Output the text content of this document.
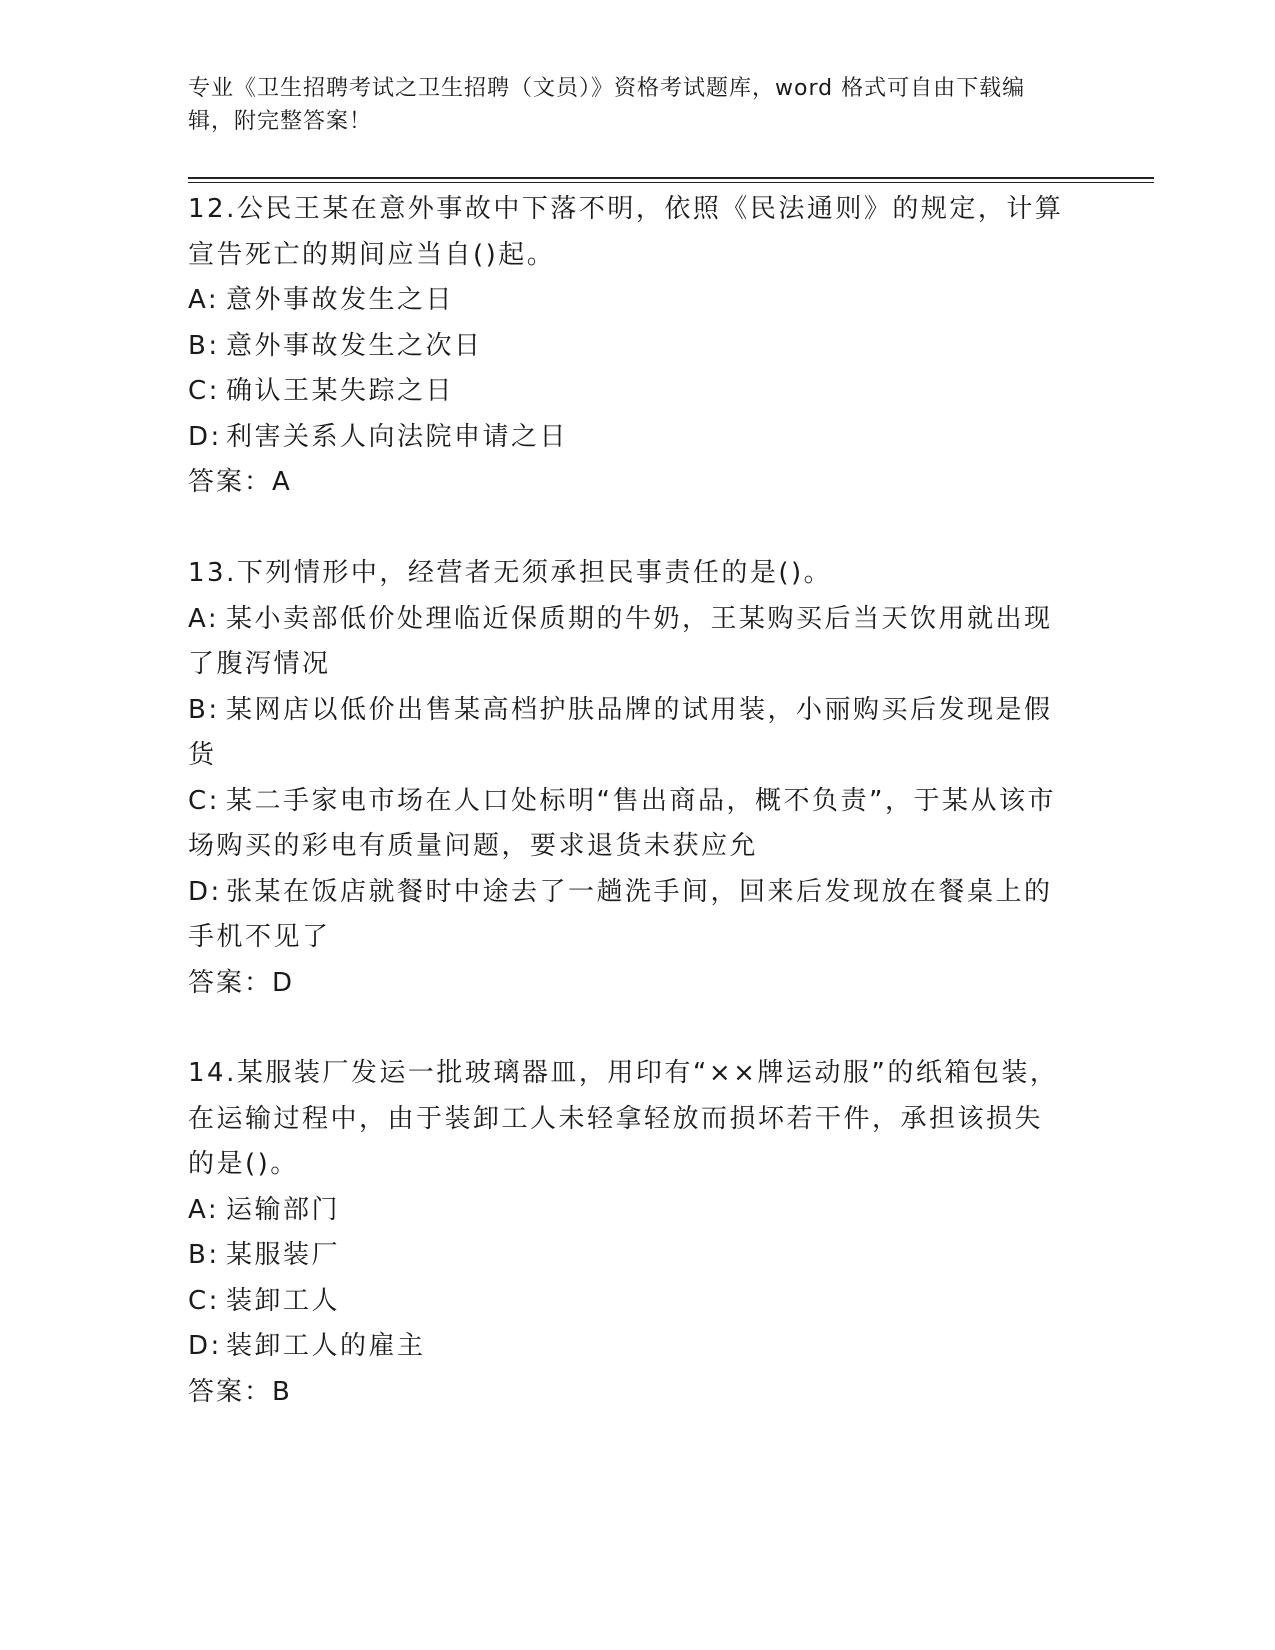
专业《卫生招聘考试之卫生招聘（文员）》资格考试题库，word 格式可自由下载编辑，附完整答案！

12.公民王某在意外事故中下落不明，依照《民法通则》的规定，计算宣告死亡的期间应当自()起。

A: 意外事故发生之日

B: 意外事故发生之次日

C: 确认王某失踪之日

D: 利害关系人向法院申请之日

答案：A

13.下列情形中，经营者无须承担民事责任的是()。

A: 某小卖部低价处理临近保质期的牛奶，王某购买后当天饮用就出现了腹泻情况

B: 某网店以低价出售某高档护肤品牌的试用装，小丽购买后发现是假货

C: 某二手家电市场在人口处标明“售出商品，概不负责”，于某从该市场购买的彩电有质量问题，要求退货未获应允

D: 张某在饭店就餐时中途去了一趟洗手间，回来后发现放在餐桌上的手机不见了

答案：D

14.某服装厂发运一批玻璃器皿，用印有“××牌运动服”的纸箱包装，在运输过程中，由于装卸工人未轻拿轻放而损坏若干件，承担该损失的是()。

A: 运输部门

B: 某服装厂

C: 装卸工人

D: 装卸工人的雇主

答案：B
